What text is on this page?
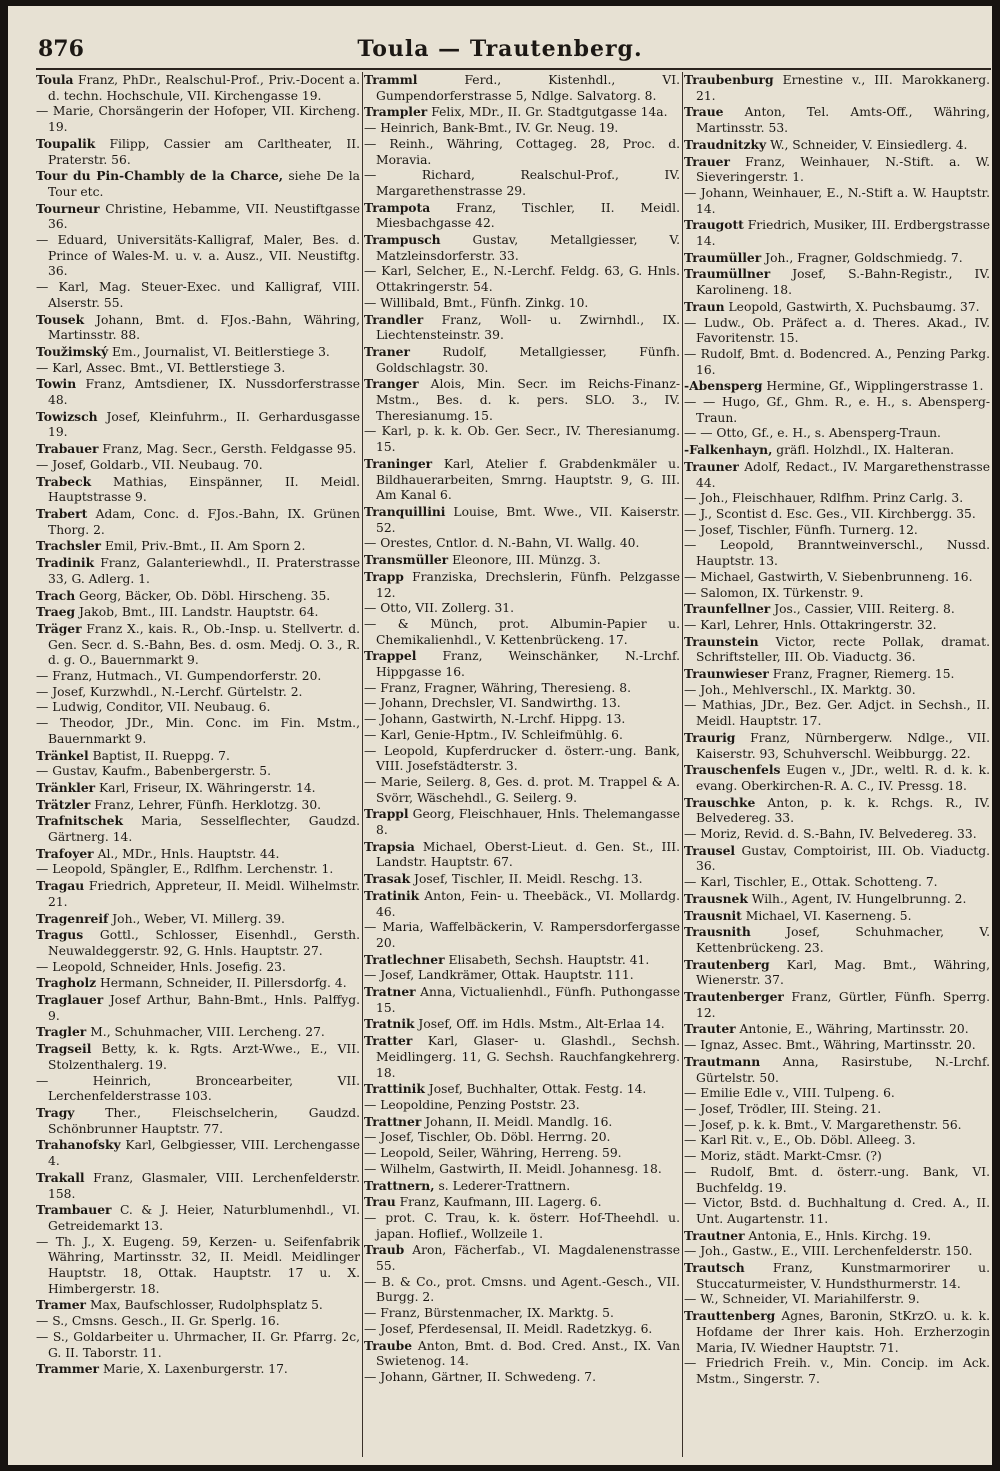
Toula — Trautenberg.
876
Toula Franz, PhDr., Realschul-Prof., Priv.-Docent a. d. techn. Hochschule, VII. Kirchengasse 19.
— Marie, Chorsängerin der Hofoper, VII. Kircheng. 19.
Toupalik Filipp, Cassier am Carltheater, II. Praterstr. 56.
Tour du Pin-Chambly de la Charce, siehe De la Tour etc.
Tourneur Christine, Hebamme, VII. Neustiftgasse 36.
— Eduard, Universitäts-Kalligraf, Maler, Bes. d. Prince of Wales-M. u. v. a. Ausz., VII. Neustiftg. 36.
— Karl, Mag. Steuer-Exec. und Kalligraf, VIII. Alserstr. 55.
Tousek Johann, Bmt. d. FJos.-Bahn, Währing, Martinsstr. 88.
Toužimský Em., Journalist, VI. Beitlerstiege 3.
— Karl, Assec. Bmt., VI. Bettlerstiege 3.
Towin Franz, Amtsdiener, IX. Nussdorferstrasse 48.
Towizsch Josef, Kleinfuhrm., II. Gerhardusgasse 19.
Trabauer Franz, Mag. Secr., Gersth. Feldgasse 95.
— Josef, Goldarb., VII. Neubaug. 70.
Trabeck Mathias, Einspänner, II. Meidl. Hauptstrasse 9.
Trabert Adam, Conc. d. FJos.-Bahn, IX. Grünen Thorg. 2.
Trachsler Emil, Priv.-Bmt., II. Am Sporn 2.
Tradinik Franz, Galanteriewhdl., II. Praterstrasse 33, G. Adlerg. 1.
Trach Georg, Bäcker, Ob. Döbl. Hirscheng. 35.
Traeg Jakob, Bmt., III. Landstr. Hauptstr. 64.
Träger Franz X., kais. R., Ob.-Insp. u. Stellvertr. d. Gen. Secr. d. S.-Bahn, Bes. d. osm. Medj. O. 3., R. d. g. O., Bauernmarkt 9.
— Franz, Hutmach., VI. Gumpendorferstr. 20.
— Josef, Kurzwhdl., N.-Lerchf. Gürtelstr. 2.
— Ludwig, Conditor, VII. Neubaug. 6.
— Theodor, JDr., Min. Conc. im Fin. Mstm., Bauernmarkt 9.
Tränkel Baptist, II. Rueppg. 7.
— Gustav, Kaufm., Babenbergerstr. 5.
Tränkler Karl, Friseur, IX. Währingerstr. 14.
Trätzler Franz, Lehrer, Fünfh. Herklotzg. 30.
Trafnitschek Maria, Sesselflechter, Gaudzd. Gärtnerg. 14.
Trafoyer Al., MDr., Hnls. Hauptstr. 44.
— Leopold, Spängler, E., Rdlfhm. Lerchenstr. 1.
Tragau Friedrich, Appreteur, II. Meidl. Wilhelmstr. 21.
Tragenreif Joh., Weber, VI. Millerg. 39.
Tragus Gottl., Schlosser, Eisenhdl., Gersth. Neuwaldeggerstr. 92, G. Hnls. Hauptstr. 27.
— Leopold, Schneider, Hnls. Josefig. 23.
Tragholz Hermann, Schneider, II. Pillersdorfg. 4.
Traglauer Josef Arthur, Bahn-Bmt., Hnls. Palffyg. 9.
Tragler M., Schuhmacher, VIII. Lercheng. 27.
Tragseil Betty, k. k. Rgts. Arzt-Wwe., E., VII. Stolzenthalerg. 19.
— Heinrich, Broncearbeiter, VII. Lerchenfelderstrasse 103.
Tragy Ther., Fleischselcherin, Gaudzd. Schönbrunner Hauptstr. 77.
Trahanofsky Karl, Gelbgiesser, VIII. Lerchengasse 4.
Trakall Franz, Glasmaler, VIII. Lerchenfelderstr. 158.
Trambauer C. & J. Heier, Naturblumenhdl., VI. Getreidemarkt 13.
— Th. J., X. Eugeng. 59, Kerzen- u. Seifenfabrik Währing, Martinsstr. 32, II. Meidl. Meidlinger Hauptstr. 18, Ottak. Hauptstr. 17 u. X. Himbergerstr. 18.
Tramer Max, Baufschlosser, Rudolphsplatz 5.
— S., Cmsns. Gesch., II. Gr. Sperlg. 16.
— S., Goldarbeiter u. Uhrmacher, II. Gr. Pfarrg. 2c, G. II. Taborstr. 11.
Trammer Marie, X. Laxenburgerstr. 17.
Tramml Ferd., Kistenhdl., VI. Gumpendorferstrasse 5, Ndlge. Salvatorg. 8.
Trampler Felix, MDr., II. Gr. Stadtgutgasse 14a.
— Heinrich, Bank-Bmt., IV. Gr. Neug. 19.
— Reinh., Währing, Cottageg. 28, Proc. d. Moravia.
— Richard, Realschul-Prof., IV. Margarethenstrasse 29.
Trampota Franz, Tischler, II. Meidl. Miesbachgasse 42.
Trampusch Gustav, Metallgiesser, V. Matzleinsdorferstr. 33.
— Karl, Selcher, E., N.-Lerchf. Feldg. 63, G. Hnls. Ottakringerstr. 54.
— Willibald, Bmt., Fünfh. Zinkg. 10.
Trandler Franz, Woll- u. Zwirnhdl., IX. Liechtensteinstr. 39.
Traner Rudolf, Metallgiesser, Fünfh. Goldschlagstr. 30.
Tranger Alois, Min. Secr. im Reichs-Finanz-Mstm., Bes. d. k. pers. SLO. 3., IV. Theresianumg. 15.
— Karl, p. k. k. Ob. Ger. Secr., IV. Theresianumg. 15.
Traninger Karl, Atelier f. Grabdenkmäler u. Bildhauerarbeiten, Smrng. Hauptstr. 9, G. III. Am Kanal 6.
Tranquillini Louise, Bmt. Wwe., VII. Kaiserstr. 52.
— Orestes, Cntlor. d. N.-Bahn, VI. Wallg. 40.
Transmüller Eleonore, III. Münzg. 3.
Trapp Franziska, Drechslerin, Fünfh. Pelzgasse 12.
— Otto, VII. Zollerg. 31.
— & Münch, prot. Albumin-Papier u. Chemikalienhdl., V. Kettenbrückeng. 17.
Trappel Franz, Weinschänker, N.-Lrchf. Hippgasse 16.
— Franz, Fragner, Währing, Theresieng. 8.
— Johann, Drechsler, VI. Sandwirthg. 13.
— Johann, Gastwirth, N.-Lrchf. Hippg. 13.
— Karl, Genie-Hptm., IV. Schleifmühlg. 6.
— Leopold, Kupferdrucker d. österr.-ung. Bank, VIII. Josefstädterstr. 3.
— Marie, Seilerg. 8, Ges. d. prot. M. Trappel & A. Svörr, Wäschehdl., G. Seilerg. 9.
Trappl Georg, Fleischhauer, Hnls. Thelemangasse 8.
Trapsia Michael, Oberst-Lieut. d. Gen. St., III. Landstr. Hauptstr. 67.
Trasak Josef, Tischler, II. Meidl. Reschg. 13.
Tratinik Anton, Fein- u. Theebäck., VI. Mollardg. 46.
— Maria, Waffelbäckerin, V. Rampersdorfergasse 20.
Tratlechner Elisabeth, Sechsh. Hauptstr. 41.
— Josef, Landkrämer, Ottak. Hauptstr. 111.
Tratner Anna, Victualienhdl., Fünfh. Puthongasse 15.
Tratnik Josef, Off. im Hdls. Mstm., Alt-Erlaa 14.
Tratter Karl, Glaser- u. Glashdl., Sechsh. Meidlingerg. 11, G. Sechsh. Rauchfangkehrerg. 18.
Trattinik Josef, Buchhalter, Ottak. Festg. 14.
— Leopoldine, Penzing Poststr. 23.
Trattner Johann, II. Meidl. Mandlg. 16.
— Josef, Tischler, Ob. Döbl. Herrng. 20.
— Leopold, Seiler, Währing, Herreng. 59.
— Wilhelm, Gastwirth, II. Meidl. Johannesg. 18.
Trattnern, s. Lederer-Trattnern.
Trau Franz, Kaufmann, III. Lagerg. 6.
— prot. C. Trau, k. k. österr. Hof-Theehdl. u. japan. Hoflief., Wollzeile 1.
Traub Aron, Fächerfab., VI. Magdalenenstrasse 55.
— B. & Co., prot. Cmsns. und Agent.-Gesch., VII. Burgg. 2.
— Franz, Bürstenmacher, IX. Marktg. 5.
— Josef, Pferdesensal, II. Meidl. Radetzkyg. 6.
Traube Anton, Bmt. d. Bod. Cred. Anst., IX. Van Swietenog. 14.
— Johann, Gärtner, II. Schwedeng. 7.
Traubenburg Ernestine v., III. Marokkanerg. 21.
Traue Anton, Tel. Amts-Off., Währing, Martinsstr. 53.
Traudnitzky W., Schneider, V. Einsiedlerg. 4.
Trauer Franz, Weinhauer, N.-Stift. a. W. Sieveringerstr. 1.
— Johann, Weinhauer, E., N.-Stift a. W. Hauptstr. 14.
Traugott Friedrich, Musiker, III. Erdbergstrasse 14.
Traumüller Joh., Fragner, Goldschmiedg. 7.
Traumüllner Josef, S.-Bahn-Registr., IV. Karolineng. 18.
Traun Leopold, Gastwirth, X. Puchsbaumg. 37.
— Ludw., Ob. Präfect a. d. Theres. Akad., IV. Favoritenstr. 15.
— Rudolf, Bmt. d. Bodencred. A., Penzing Parkg. 16.
-Abensperg Hermine, Gf., Wipplingerstrasse 1.
— — Hugo, Gf., Ghm. R., e. H., s. Abensperg-Traun.
— — Otto, Gf., e. H., s. Abensperg-Traun.
-Falkenhayn, gräfl. Holzhdl., IX. Halteran.
Trauner Adolf, Redact., IV. Margarethenstrasse 44.
— Joh., Fleischhauer, Rdlfhm. Prinz Carlg. 3.
— J., Scontist d. Esc. Ges., VII. Kirchbergg. 35.
— Josef, Tischler, Fünfh. Turnerg. 12.
— Leopold, Branntweinverschl., Nussd. Hauptstr. 13.
— Michael, Gastwirth, V. Siebenbrunneng. 16.
— Salomon, IX. Türkenstr. 9.
Traunfellner Jos., Cassier, VIII. Reiterg. 8.
— Karl, Lehrer, Hnls. Ottakringerstr. 32.
Traunstein Victor, recte Pollak, dramat. Schriftsteller, III. Ob. Viaductg. 36.
Traunwieser Franz, Fragner, Riemerg. 15.
— Joh., Mehlverschl., IX. Marktg. 30.
— Mathias, JDr., Bez. Ger. Adjct. in Sechsh., II. Meidl. Hauptstr. 17.
Traurig Franz, Nürnbergerw. Ndlge., VII. Kaiserstr. 93, Schuhverschl. Weibburgg. 22.
Trauschenfels Eugen v., JDr., weltl. R. d. k. k. evang. Oberkirchen-R. A. C., IV. Pressg. 18.
Trauschke Anton, p. k. k. Rchgs. R., IV. Belvedereg. 33.
— Moriz, Revid. d. S.-Bahn, IV. Belvedereg. 33.
Trausel Gustav, Comptoirist, III. Ob. Viaductg. 36.
— Karl, Tischler, E., Ottak. Schotteng. 7.
Trausnek Wilh., Agent, IV. Hungelbrunng. 2.
Trausnit Michael, VI. Kaserneng. 5.
Trausnith Josef, Schuhmacher, V. Kettenbrückeng. 23.
Trautenberg Karl, Mag. Bmt., Währing, Wienerstr. 37.
Trautenberger Franz, Gürtler, Fünfh. Sperrg. 12.
Trauter Antonie, E., Währing, Martinsstr. 20.
— Ignaz, Assec. Bmt., Währing, Martinsstr. 20.
Trautmann Anna, Rasirstube, N.-Lrchf. Gürtelstr. 50.
— Emilie Edle v., VIII. Tulpeng. 6.
— Josef, Trödler, III. Steing. 21.
— Josef, p. k. k. Bmt., V. Margarethenstr. 56.
— Karl Rit. v., E., Ob. Döbl. Alleeg. 3.
— Moriz, städt. Markt-Cmsr. (?)
— Rudolf, Bmt. d. österr.-ung. Bank, VI. Buchfeldg. 19.
— Victor, Bstd. d. Buchhaltung d. Cred. A., II. Unt. Augartenstr. 11.
Trautner Antonia, E., Hnls. Kirchg. 19.
— Joh., Gastw., E., VIII. Lerchenfelderstr. 150.
Trautsch Franz, Kunstmarmorirer u. Stuccaturmeister, V. Hundsthurmerstr. 14.
— W., Schneider, VI. Mariahilferstr. 9.
Trauttenberg Agnes, Baronin, StKrzO. u. k. k. Hofdame der Ihrer kais. Hoh. Erzherzogin Maria, IV. Wiedner Hauptstr. 71.
— Friedrich Freih. v., Min. Concip. im Ack. Mstm., Singerstr. 7.
